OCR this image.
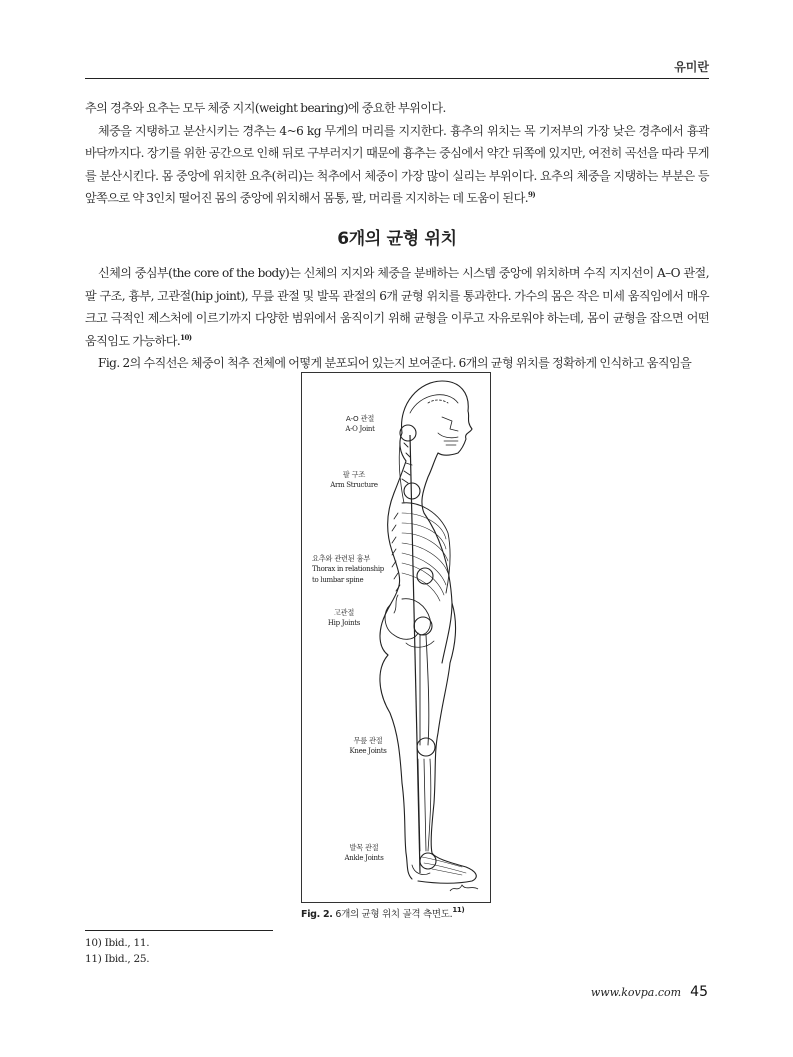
유미란

추의 경추와 요추는 모두 체중 지지(weight bearing)에 중요한 부위이다.

체중을 지탱하고 분산시키는 경추는 4~6 kg 무게의 머리를 지지한다. 흉추의 위치는 목 기저부의 가장 낮은 경추에서 흉곽 바닥까지다. 장기를 위한 공간으로 인해 뒤로 구부러지기 때문에 흉추는 중심에서 약간 뒤쪽에 있지만, 여전히 곡선을 따라 무게를 분산시킨다. 몸 중앙에 위치한 요추(허리)는 척추에서 체중이 가장 많이 실리는 부위이다. 요추의 체중을 지탱하는 부분은 등 앞쪽으로 약 3인치 떨어진 몸의 중앙에 위치해서 몸통, 팔, 머리를 지지하는 데 도움이 된다.$^{9)}$

6개의 균형 위치

신체의 중심부(the core of the body)는 신체의 지지와 체중을 분배하는 시스템 중앙에 위치하며 수직 지지선이 A–O 관절, 팔 구조, 흉부, 고관절(hip joint), 무릎 관절 및 발목 관절의 6개 균형 위치를 통과한다. 가수의 몸은 작은 미세 움직임에서 매우 크고 극적인 제스처에 이르기까지 다양한 범위에서 움직이기 위해 균형을 이루고 자유로워야 하는데, 몸이 균형을 잡으면 어떤 움직임도 가능하다.$^{10)}$

Fig. 2의 수직선은 체중이 척추 전체에 어떻게 분포되어 있는지 보여준다. 6개의 균형 위치를 정확하게 인식하고 움직임을

A-O 관절
A-O Joint
팔 구조
Arm Structure
요추와 관련된 흉부
Thorax in relationship
to lumbar spine
고관절
Hip Joints
무릎 관절
Knee Joints
발목 관절
Ankle Joints
Fig. 2. 6개의 균형 위치 골격 측면도.$^{11)}$
10) Ibid., 11.
11) Ibid., 25.
www.kovpa.com 45
